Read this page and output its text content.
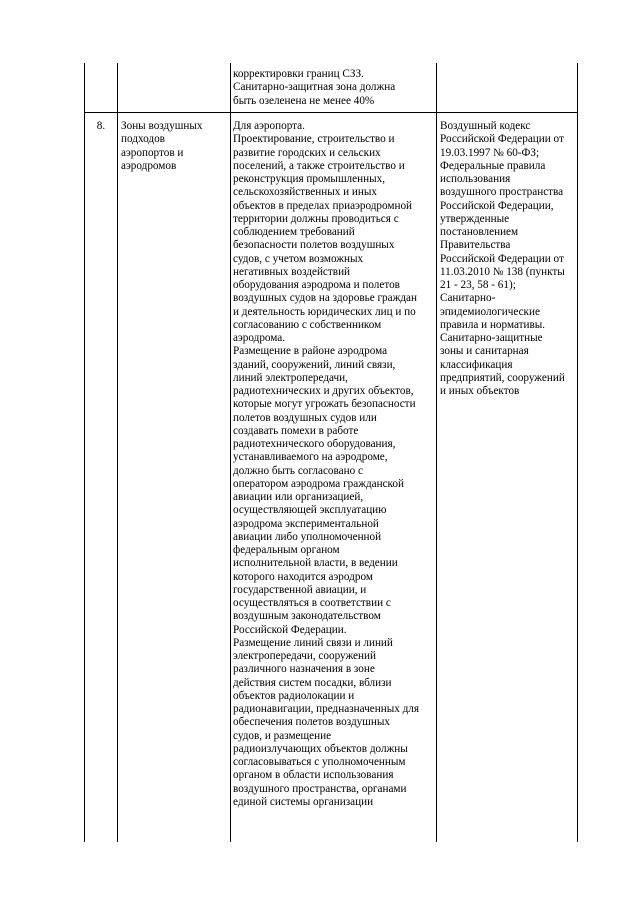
корректировки границ СЗЗ.
Санитарно-защитная зона должна
быть озеленена не менее 40%
8.	Зоны воздушных
подходов
аэропортов и
аэродромов
Для аэропорта.
Проектирование, строительство и
развитие городских и сельских
поселений, а также строительство и
реконструкция промышленных,
сельскохозяйственных и иных
объектов в пределах приаэродромной
территории должны проводиться с
соблюдением требований
безопасности полетов воздушных
судов, с учетом возможных
негативных воздействий
оборудования аэродрома и полетов
воздушных судов на здоровье граждан
и деятельность юридических лиц и по
согласованию с собственником
аэродрома.
Размещение в районе аэродрома
зданий, сооружений, линий связи,
линий электропередачи,
радиотехнических и других объектов,
которые могут угрожать безопасности
полетов воздушных судов или
создавать помехи в работе
радиотехнического оборудования,
устанавливаемого на аэродроме,
должно быть согласовано с
оператором аэродрома гражданской
авиации или организацией,
осуществляющей эксплуатацию
аэродрома экспериментальной
авиации либо уполномоченной
федеральным органом
исполнительной власти, в ведении
которого находится аэродром
государственной авиации, и
осуществляться в соответствии с
воздушным законодательством
Российской Федерации.
Размещение линий связи и линий
электропередачи, сооружений
различного назначения в зоне
действия систем посадки, вблизи
объектов радиолокации и
радионавигации, предназначенных для
обеспечения полетов воздушных
судов, и размещение
радиоизлучающих объектов должны
согласовываться с уполномоченным
органом в области использования
воздушного пространства, органами
единой системы организации
Воздушный кодекс
Российской Федерации от
19.03.1997 № 60-ФЗ;
Федеральные правила
использования
воздушного пространства
Российской Федерации,
утвержденные
постановлением
Правительства
Российской Федерации от
11.03.2010 № 138 (пункты
21 - 23, 58 - 61);
Санитарно-
эпидемиологические
правила и нормативы.
Санитарно-защитные
зоны и санитарная
классификация
предприятий, сооружений
и иных объектов
